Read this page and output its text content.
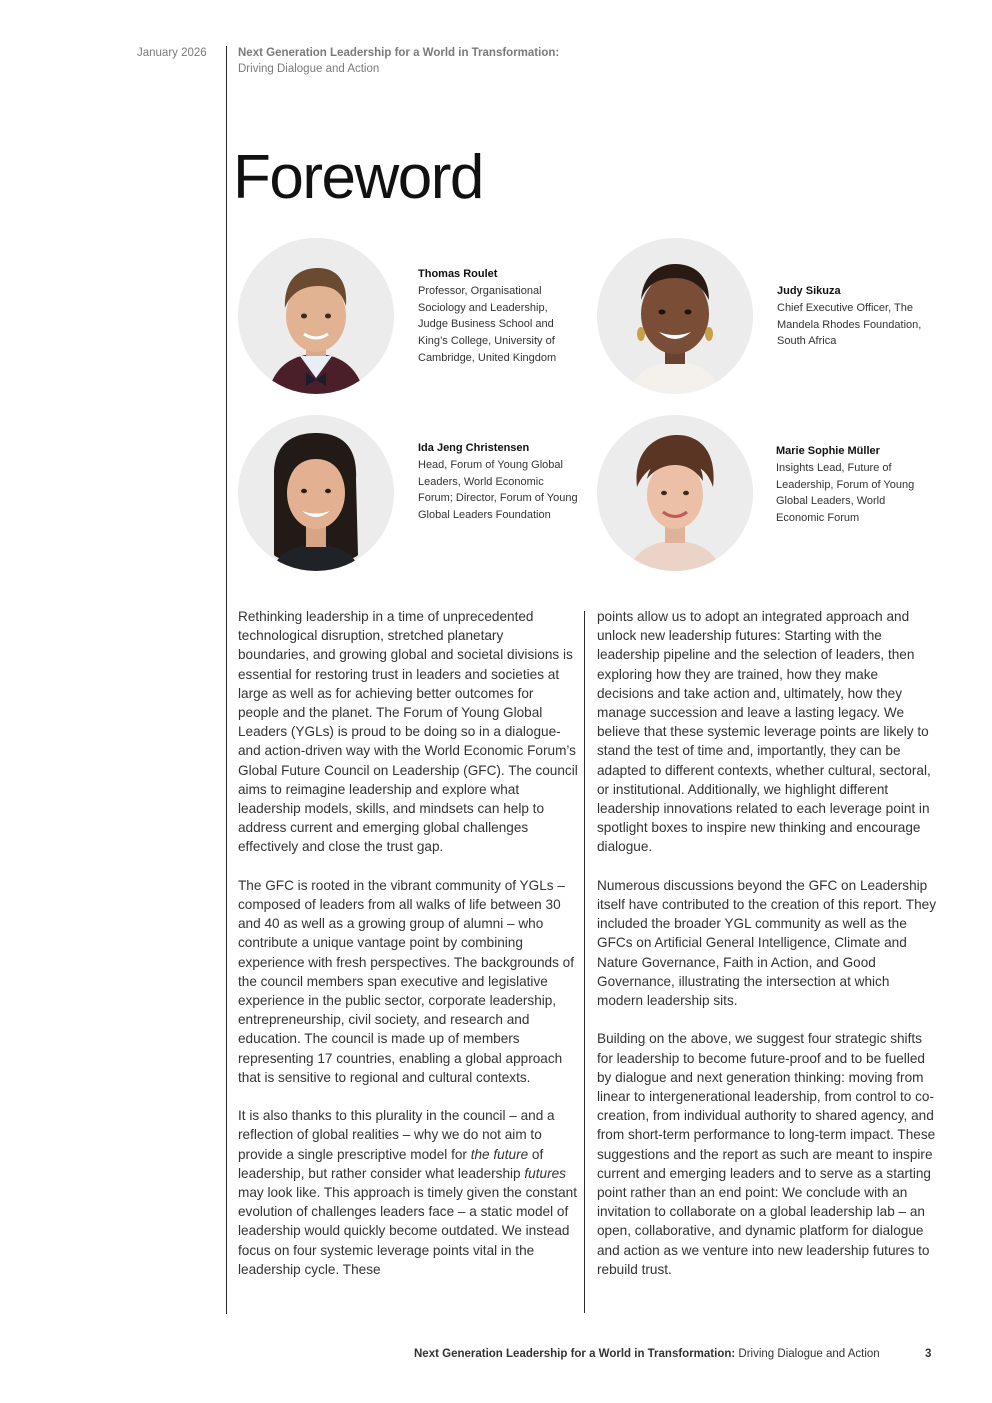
January 2026	Next Generation Leadership for a World in Transformation:
Driving Dialogue and Action
Foreword
Thomas Roulet
Professor, Organisational Sociology and Leadership, Judge Business School and King’s College, University of Cambridge, United Kingdom
Judy Sikuza
Chief Executive Officer, The Mandela Rhodes Foundation, South Africa
Ida Jeng Christensen
Head, Forum of Young Global Leaders, World Economic Forum; Director, Forum of Young Global Leaders Foundation
Marie Sophie Müller
Insights Lead, Future of Leadership, Forum of Young Global Leaders, World Economic Forum

Rethinking leadership in a time of unprecedented technological disruption, stretched planetary boundaries, and growing global and societal divisions is essential for restoring trust in leaders and societies at large as well as for achieving better outcomes for people and the planet. The Forum of Young Global Leaders (YGLs) is proud to be doing so in a dialogue- and action-driven way with the World Economic Forum’s Global Future Council on Leadership (GFC). The council aims to reimagine leadership and explore what leadership models, skills, and mindsets can help to address current and emerging global challenges effectively and close the trust gap.

The GFC is rooted in the vibrant community of YGLs – composed of leaders from all walks of life between 30 and 40 as well as a growing group of alumni – who contribute a unique vantage point by combining experience with fresh perspectives. The backgrounds of the council members span executive and legislative experience in the public sector, corporate leadership, entrepreneurship, civil society, and research and education. The council is made up of members representing 17 countries, enabling a global approach that is sensitive to regional and cultural contexts.

It is also thanks to this plurality in the council – and a reflection of global realities – why we do not aim to provide a single prescriptive model for the future of leadership, but rather consider what leadership futures may look like. This approach is timely given the constant evolution of challenges leaders face – a static model of leadership would quickly become outdated. We instead focus on four systemic leverage points vital in the leadership cycle. These

points allow us to adopt an integrated approach and unlock new leadership futures: Starting with the leadership pipeline and the selection of leaders, then exploring how they are trained, how they make decisions and take action and, ultimately, how they manage succession and leave a lasting legacy. We believe that these systemic leverage points are likely to stand the test of time and, importantly, they can be adapted to different contexts, whether cultural, sectoral, or institutional. Additionally, we highlight different leadership innovations related to each leverage point in spotlight boxes to inspire new thinking and encourage dialogue.

Numerous discussions beyond the GFC on Leadership itself have contributed to the creation of this report. They included the broader YGL community as well as the GFCs on Artificial General Intelligence, Climate and Nature Governance, Faith in Action, and Good Governance, illustrating the intersection at which modern leadership sits.

Building on the above, we suggest four strategic shifts for leadership to become future-proof and to be fuelled by dialogue and next generation thinking: moving from linear to intergenerational leadership, from control to co-creation, from individual authority to shared agency, and from short-term performance to long-term impact. These suggestions and the report as such are meant to inspire current and emerging leaders and to serve as a starting point rather than an end point: We conclude with an invitation to collaborate on a global leadership lab – an open, collaborative, and dynamic platform for dialogue and action as we venture into new leadership futures to rebuild trust.

Next Generation Leadership for a World in Transformation: Driving Dialogue and Action	3
